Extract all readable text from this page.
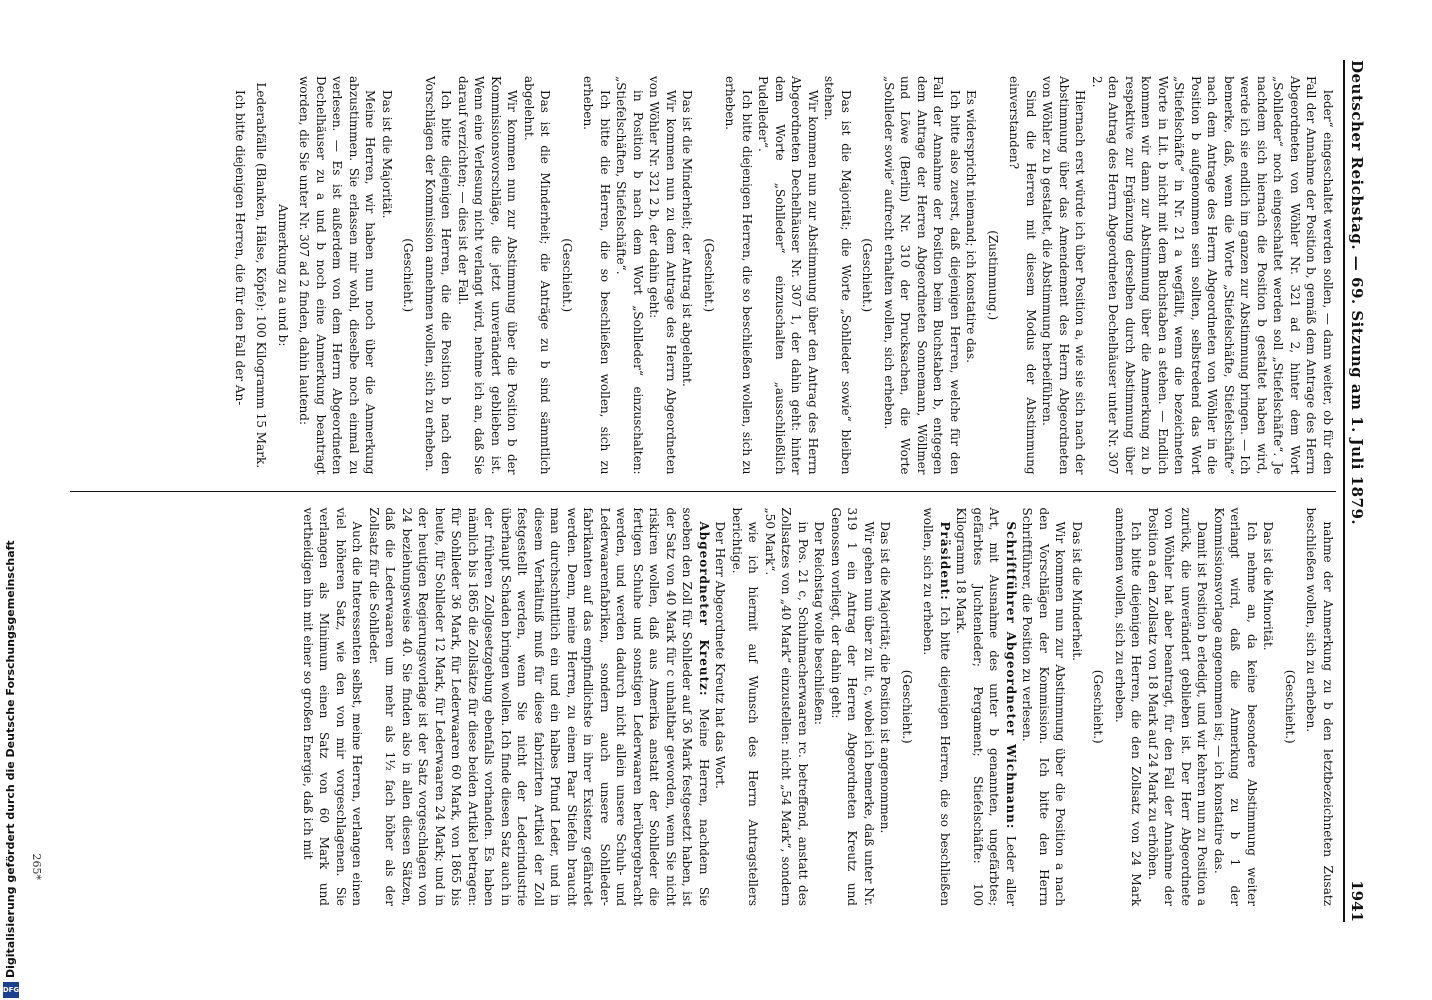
Deutscher Reichstag. — 69. Sitzung am 1. Juli 1879.
1941

leder“ eingeschaltet werden sollen, — dann weiter, ob für den Fall der Annahme der Position b, gemäß dem Antrage des Herrn Abgeordneten von Wöhler Nr. 321 ad 2, hinter dem Wort „Sohlleder“ noch eingeschaltet werden soll „Stiefelschäfte“. Je nachdem sich hiernach die Position b gestaltet haben wird, werde ich sie endlich im ganzen zur Abstimmung bringen. — Ich bemerke, daß, wenn die Worte „Stiefelschäfte, Stiefelschäfte“ nach dem Antrage des Herrn Abgeordneten von Wöhler in die Position b aufgenommen sein sollten, selbstredend das Wort „Stiefelschäfte“ in Nr. 21 a wegfällt, wenn die bezeichneten Worte in Lit. b nicht mit dem Buchstaben a stehen. — Endlich kommen wir dann zur Abstimmung über die Anmerkung zu b respektive zur Ergänzung derselben durch Abstimmung über den Antrag des Herrn Abgeordneten Dechelhäuser unter Nr. 307 2.

Hiernach erst würde ich über Position a, wie sie sich nach der Abstimmung über das Amendement des Herrn Abgeordneten von Wöhler zu b gestaltet, die Abstimmung herbeiführen.

Sind die Herren mit diesem Modus der Abstimmung einverstanden?

(Zustimmung.)

Es widerspricht niemand; ich konstatire das.

Ich bitte also zuerst, daß diejenigen Herren, welche für den Fall der Annahme der Position beim Buchstaben b, entgegen dem Antrage der Herren Abgeordneten Sonnemann, Wöllmer und Löwe (Berlin) Nr. 310 der Drucksachen, die Worte „Sohlleder sowie“ aufrecht erhalten wollen, sich erheben.

(Geschieht.)

Das ist die Majorität; die Worte „Sohlleder sowie“ bleiben stehen.

Wir kommen nun zur Abstimmung über den Antrag des Herrn Abgeordneten Dechelhäuser Nr. 307 1, der dahin geht: hinter dem Worte „Sohlleder“ einzuschalten „ausschließlich Pudelleder“.

Ich bitte diejenigen Herren, die so beschließen wollen, sich zu erheben.

(Geschieht.)

Das ist die Minderheit; der Antrag ist abgelehnt.

Wir kommen nun zu dem Antrage des Herrn Abgeordneten von Wöhler Nr. 321 2 b, der dahin geht:

in Position b nach dem Wort „Sohlleder“ einzuschalten: „Stiefelschäften, Stiefelschäfte“.

Ich bitte die Herren, die so beschließen wollen, sich zu erheben.

(Geschieht.)

Das ist die Minderheit; die Anträge zu b sind sämmtlich abgelehnt.

Wir kommen nun zur Abstimmung über die Position b der Kommissionsvorschläge, die jetzt unverändert geblieben ist. Wenn eine Verlesung nicht verlangt wird, nehme ich an, daß Sie darauf verzichten; — dies ist der Fall.

Ich bitte diejenigen Herren, die die Position b nach den Vorschlägen der Kommission annehmen wollen, sich zu erheben.

(Geschieht.)

Das ist die Majorität.

Meine Herren, wir haben nun noch über die Anmerkung abzustimmen. Sie erlassen mir wohl, dieselbe noch einmal zu verlesen. — Es ist außerdem von dem Herrn Abgeordneten Dechelhäuser zu a und b noch eine Anmerkung beantragt worden, die Sie unter Nr. 307 ad 2 finden, dahin lautend:

Anmerkung zu a und b:

Lederabfälle (Blanken, Hälse, Köpfe): 100 Kilogramm 15 Mark.

Ich bitte diejenigen Herren, die für den Fall der An-

nahme der Anmerkung zu b den letztbezeichneten Zusatz beschließen wollen, sich zu erheben.

(Geschieht.)

Das ist die Minorität.

Ich nehme an, da keine besondere Abstimmung weiter verlangt wird, daß die Anmerkung zu b 1 der Kommissionsvorlage angenommen ist; — ich konstatire das.

Damit ist Position b erledigt, und wir kehren nun zu Position a zurück, die unverändert geblieben ist. Der Herr Abgeordnete von Wöhler hat aber beantragt, für den Fall der Annahme der Position a den Zollsatz von 18 Mark auf 24 Mark zu erhöhen.

Ich bitte diejenigen Herren, die den Zollsatz von 24 Mark annehmen wollen, sich zu erheben.

(Geschieht.)

Das ist die Minderheit.

Wir kommen nun zur Abstimmung über die Position a nach den Vorschlägen der Kommission. Ich bitte den Herrn Schriftführer, die Position zu verlesen.

Schriftführer Abgeordneter Wichmann: Leder aller Art, mit Ausnahme des unter b genannten, ungefärbtes; gefärbtes Juchtenleder; Pergament; Stiefelschäfte: 100 Kilogramm 18 Mark.

Präsident: Ich bitte diejenigen Herren, die so beschließen wollen, sich zu erheben.

(Geschieht.)

Das ist die Majorität; die Position ist angenommen.

Wir gehen nun über zu lit. c, wobei ich bemerke, daß unter Nr. 319 1 ein Antrag der Herren Abgeordneten Kreutz und Genossen vorliegt, der dahin geht:

Der Reichstag wolle beschließen:

in Pos. 21 c, Schuhmacherwaaren rc. betreffend, anstatt des Zollsatzes von „40 Mark“ einzustellen: nicht „54 Mark“, sondern „50 Mark“.

wie ich hiermit auf Wunsch des Herrn Antragstellers berichtige.

Der Herr Abgeordnete Kreutz hat das Wort.

Abgeordneter Kreutz: Meine Herren, nachdem Sie soeben den Zoll für Sohlleder auf 36 Mark festgesetzt haben, ist der Satz von 40 Mark für c unhaltbar geworden, wenn Sie nicht riskiren wollen, daß aus Amerika anstatt der Sohlleder die fertigen Schuhe und sonstigen Lederwaaren herübergebracht werden, und werden dadurch nicht allein unsere Schuh- und Lederwaarenfabriken, sondern auch unsere Sohlleder-fabrikanten auf das empfindlichste in ihrer Existenz gefährdet werden. Denn, meine Herren, zu einem Paar Stiefeln braucht man durchschnittlich ein und ein halbes Pfund Leder, und in diesem Verhältniß muß für diese fabrizirten Artikel der Zoll festgestellt werden, wenn Sie nicht der Lederindustrie überhaupt Schaden bringen wollen. Ich finde diesen Satz auch in der früheren Zollgesetzgebung ebenfalls vorhanden. Es haben nämlich bis 1865 die Zollsätze für diese beiden Artikel betragen: für Sohlleder 36 Mark, für Lederwaaren 60 Mark, von 1865 bis heute, für Sohlleder 12 Mark, für Lederwaaren 24 Mark; und in der heutigen Regierungsvorlage ist der Satz vorgeschlagen von 24 beziehungsweise 40. Sie finden also in allen diesen Sätzen, daß die Lederwaaren um mehr als 1½ fach höher als der Zollsatz für die Sohlleder.

Auch die Interessenten selbst, meine Herren, verlangen einen viel höheren Satz, wie den von mir vorgeschlagenen. Sie verlangen als Minimum einen Satz von 60 Mark und vertheidigen ihn mit einer so großen Energie, daß ich mit

265*
Digitalisierung gefördert durch die Deutsche Forschungsgemeinschaft
DFG
